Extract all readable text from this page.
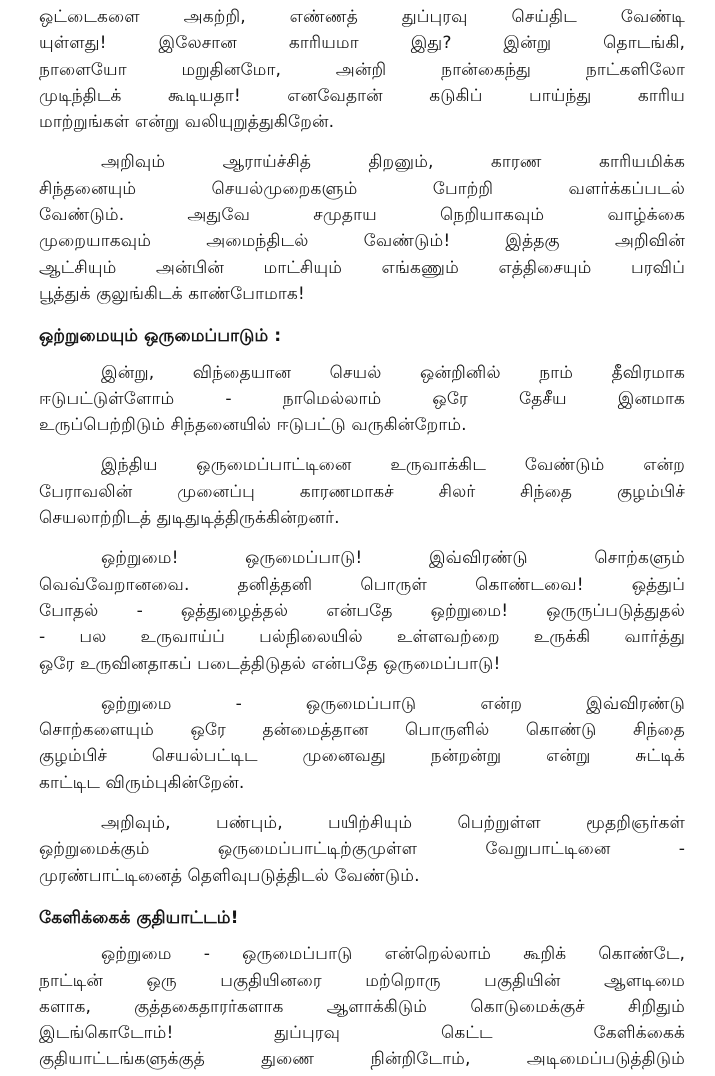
ஒட்டைகளை அகற்றி, எண்ணத் துப்புரவு செய்திட வேண்டி
யுள்ளது! இலேசான காரியமா இது? இன்று தொடங்கி,
நாளையோ மறுதினமோ, அன்றி நான்கைந்து நாட்களிலோ
முடிந்திடக் கூடியதா! எனவேதான் கடுகிப் பாய்ந்து காரிய
மாற்றுங்கள் என்று வலியுறுத்துகிறேன்.

அறிவும் ஆராய்ச்சித் திறனும், காரண காரியமிக்க
சிந்தனையும் செயல்முறைகளும் போற்றி வளர்க்கப்படல்
வேண்டும். அதுவே சமுதாய நெறியாகவும் வாழ்க்கை
முறையாகவும் அமைந்திடல் வேண்டும்! இத்தகு அறிவின்
ஆட்சியும் அன்பின் மாட்சியும் எங்கணும் எத்திசையும் பரவிப்
பூத்துக் குலுங்கிடக் காண்போமாக!

ஒற்றுமையும் ஒருமைப்பாடும் :

இன்று, விந்தையான செயல் ஒன்றினில் நாம் தீவிரமாக
ஈடுபட்டுள்ளோம் - நாமெல்லாம் ஒரே தேசீய இனமாக
உருப்பெற்றிடும் சிந்தனையில் ஈடுபட்டு வருகின்றோம்.

இந்திய ஒருமைப்பாட்டினை உருவாக்கிட வேண்டும் என்ற
பேராவலின் முனைப்பு காரணமாகச் சிலர் சிந்தை குழம்பிச்
செயலாற்றிடத் துடிதுடித்திருக்கின்றனர்.

ஒற்றுமை! ஒருமைப்பாடு! இவ்விரண்டு சொற்களும்
வெவ்வேறானவை. தனித்தனி பொருள் கொண்டவை! ஒத்துப்
போதல் - ஒத்துழைத்தல் என்பதே ஒற்றுமை! ஒருருப்படுத்துதல்
- பல உருவாய்ப் பல்நிலையில் உள்ளவற்றை உருக்கி வார்த்து
ஒரே உருவினதாகப் படைத்திடுதல் என்பதே ஒருமைப்பாடு!

ஒற்றுமை - ஒருமைப்பாடு என்ற இவ்விரண்டு
சொற்களையும் ஒரே தன்மைத்தான பொருளில் கொண்டு சிந்தை
குழம்பிச் செயல்பட்டிட முனைவது நன்றன்று என்று சுட்டிக்
காட்டிட விரும்புகின்றேன்.

அறிவும், பண்பும், பயிற்சியும் பெற்றுள்ள மூதறிஞர்கள்
ஒற்றுமைக்கும் ஒருமைப்பாட்டிற்குமுள்ள வேறுபாட்டினை -
முரண்பாட்டினைத் தெளிவுபடுத்திடல் வேண்டும்.

கேளிக்கைக் குதியாட்டம்!

ஒற்றுமை - ஒருமைப்பாடு என்றெல்லாம் கூறிக் கொண்டே,
நாட்டின் ஒரு பகுதியினரை மற்றொரு பகுதியின் ஆளடிமை
களாக, குத்தகைதாரர்களாக ஆளாக்கிடும் கொடுமைக்குச் சிறிதும்
இடங்கொடோம்! துப்புரவு கெட்ட கேளிக்கைக்
குதியாட்டங்களுக்குத் துணை நின்றிடோம், அடிமைப்படுத்திடும்
